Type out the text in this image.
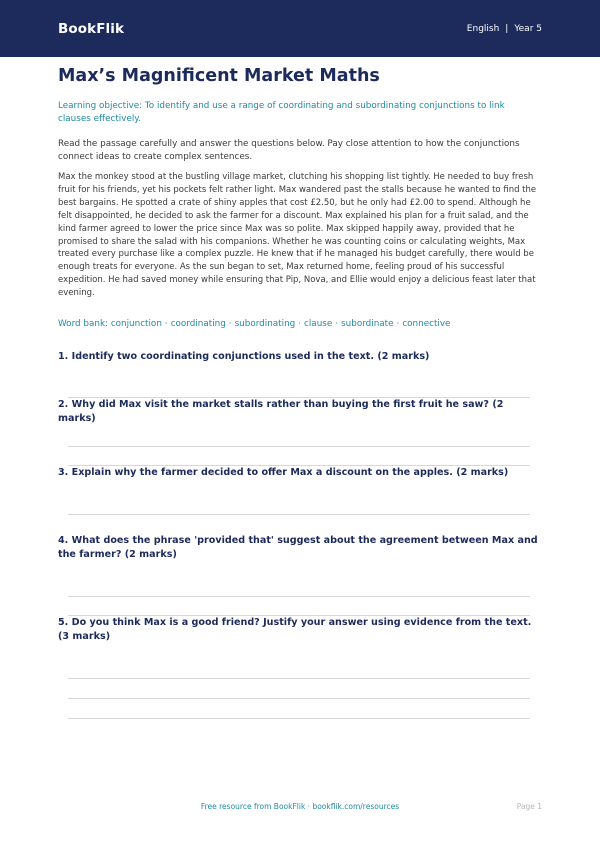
BookFlik	English | Year 5
Max’s Magnificent Market Maths
Learning objective: To identify and use a range of coordinating and subordinating conjunctions to link clauses effectively.
Read the passage carefully and answer the questions below. Pay close attention to how the conjunctions connect ideas to create complex sentences.
Max the monkey stood at the bustling village market, clutching his shopping list tightly. He needed to buy fresh fruit for his friends, yet his pockets felt rather light. Max wandered past the stalls because he wanted to find the best bargains. He spotted a crate of shiny apples that cost £2.50, but he only had £2.00 to spend. Although he felt disappointed, he decided to ask the farmer for a discount. Max explained his plan for a fruit salad, and the kind farmer agreed to lower the price since Max was so polite. Max skipped happily away, provided that he promised to share the salad with his companions. Whether he was counting coins or calculating weights, Max treated every purchase like a complex puzzle. He knew that if he managed his budget carefully, there would be enough treats for everyone. As the sun began to set, Max returned home, feeling proud of his successful expedition. He had saved money while ensuring that Pip, Nova, and Ellie would enjoy a delicious feast later that evening.
Word bank: conjunction · coordinating · subordinating · clause · subordinate · connective
1. Identify two coordinating conjunctions used in the text. (2 marks)
2. Why did Max visit the market stalls rather than buying the first fruit he saw? (2 marks)
3. Explain why the farmer decided to offer Max a discount on the apples. (2 marks)
4. What does the phrase 'provided that' suggest about the agreement between Max and the farmer? (2 marks)
5. Do you think Max is a good friend? Justify your answer using evidence from the text. (3 marks)
Free resource from BookFlik · bookflik.com/resources	Page 1
